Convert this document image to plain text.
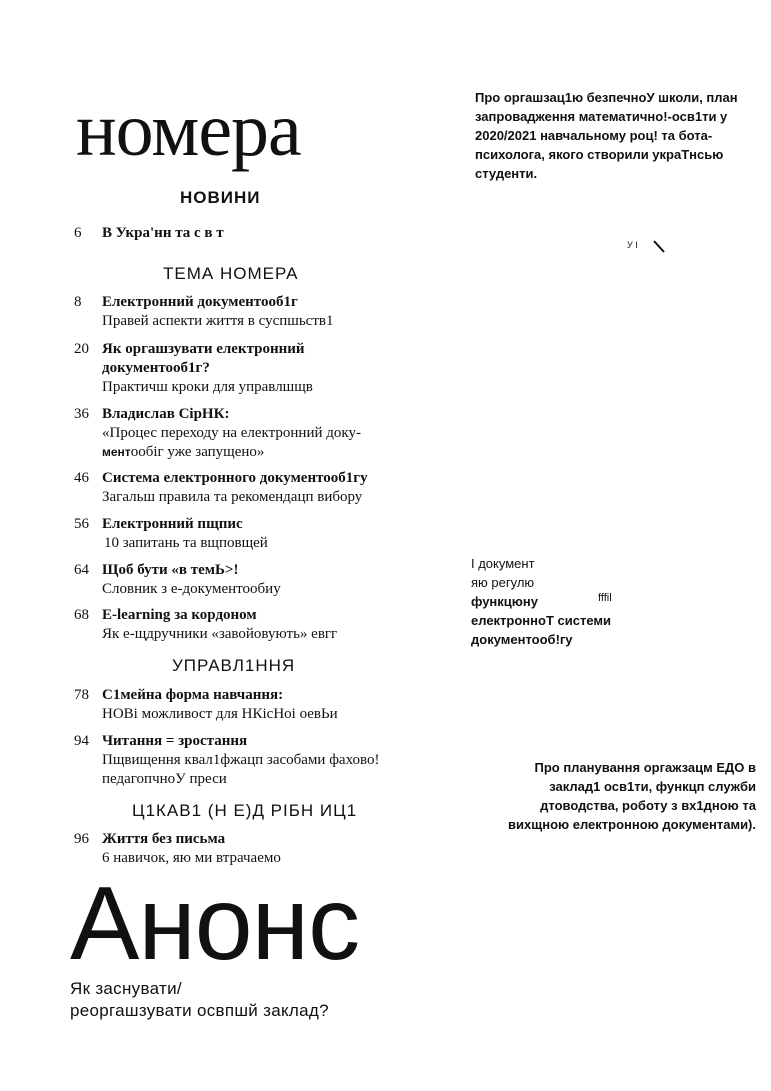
номера
НОВИНИ
6	В Укра'нн та с в т
ТЕМА НОМЕРА
8	Електронний документооб1г
Правей аспекти життя в суспшьств1
20 Як оргашзувати електронний документооб1г?
Практичш кроки для управлшщв
36 Владислав СірНК:
«Процес переходу на електронний доку-
ментooбiг уже запущено»
46 Система електронного документооб1гу
Загальш правила та рекомендацп вибору
56 Електронний пщпис
10 запитань та вщповщей
64 Щоб бути «в темЬ>!
Словник з е-документообиу
68 E-learning за кордоном
Як е-щдручники «завойовують» евгг
УПРАВЛ1ННЯ
78 С1мейна форма навчання:
НОВі можливост для НКісНоі оевЬи
94 Читання = зростання
Пщвищення квал1фжацп засобами фахово! педагопчноУ преси
Ц1КАВ1 (Н Е)Д РІБН ИЦ1
96 Життя без письма
6 навичок, яю ми втрачаемо
Про оргашзац1ю безпечноУ школи, план запровадження математично!-осв1ти у 2020/2021 навчальному роц! та бота-психолога, якого створили украТнсью студенти.
У I
I документ
яю регулю
функцюну
електронноТ системи
документооб!гу
fffil
Про планування оргажзацм ЕДО в заклад1 осв1ти, функцп служби дтоводства, роботу з вх1дною та вихщною електронною документами).
Анонс
Як заснувати/
реоргашзувати освпшй заклад?
